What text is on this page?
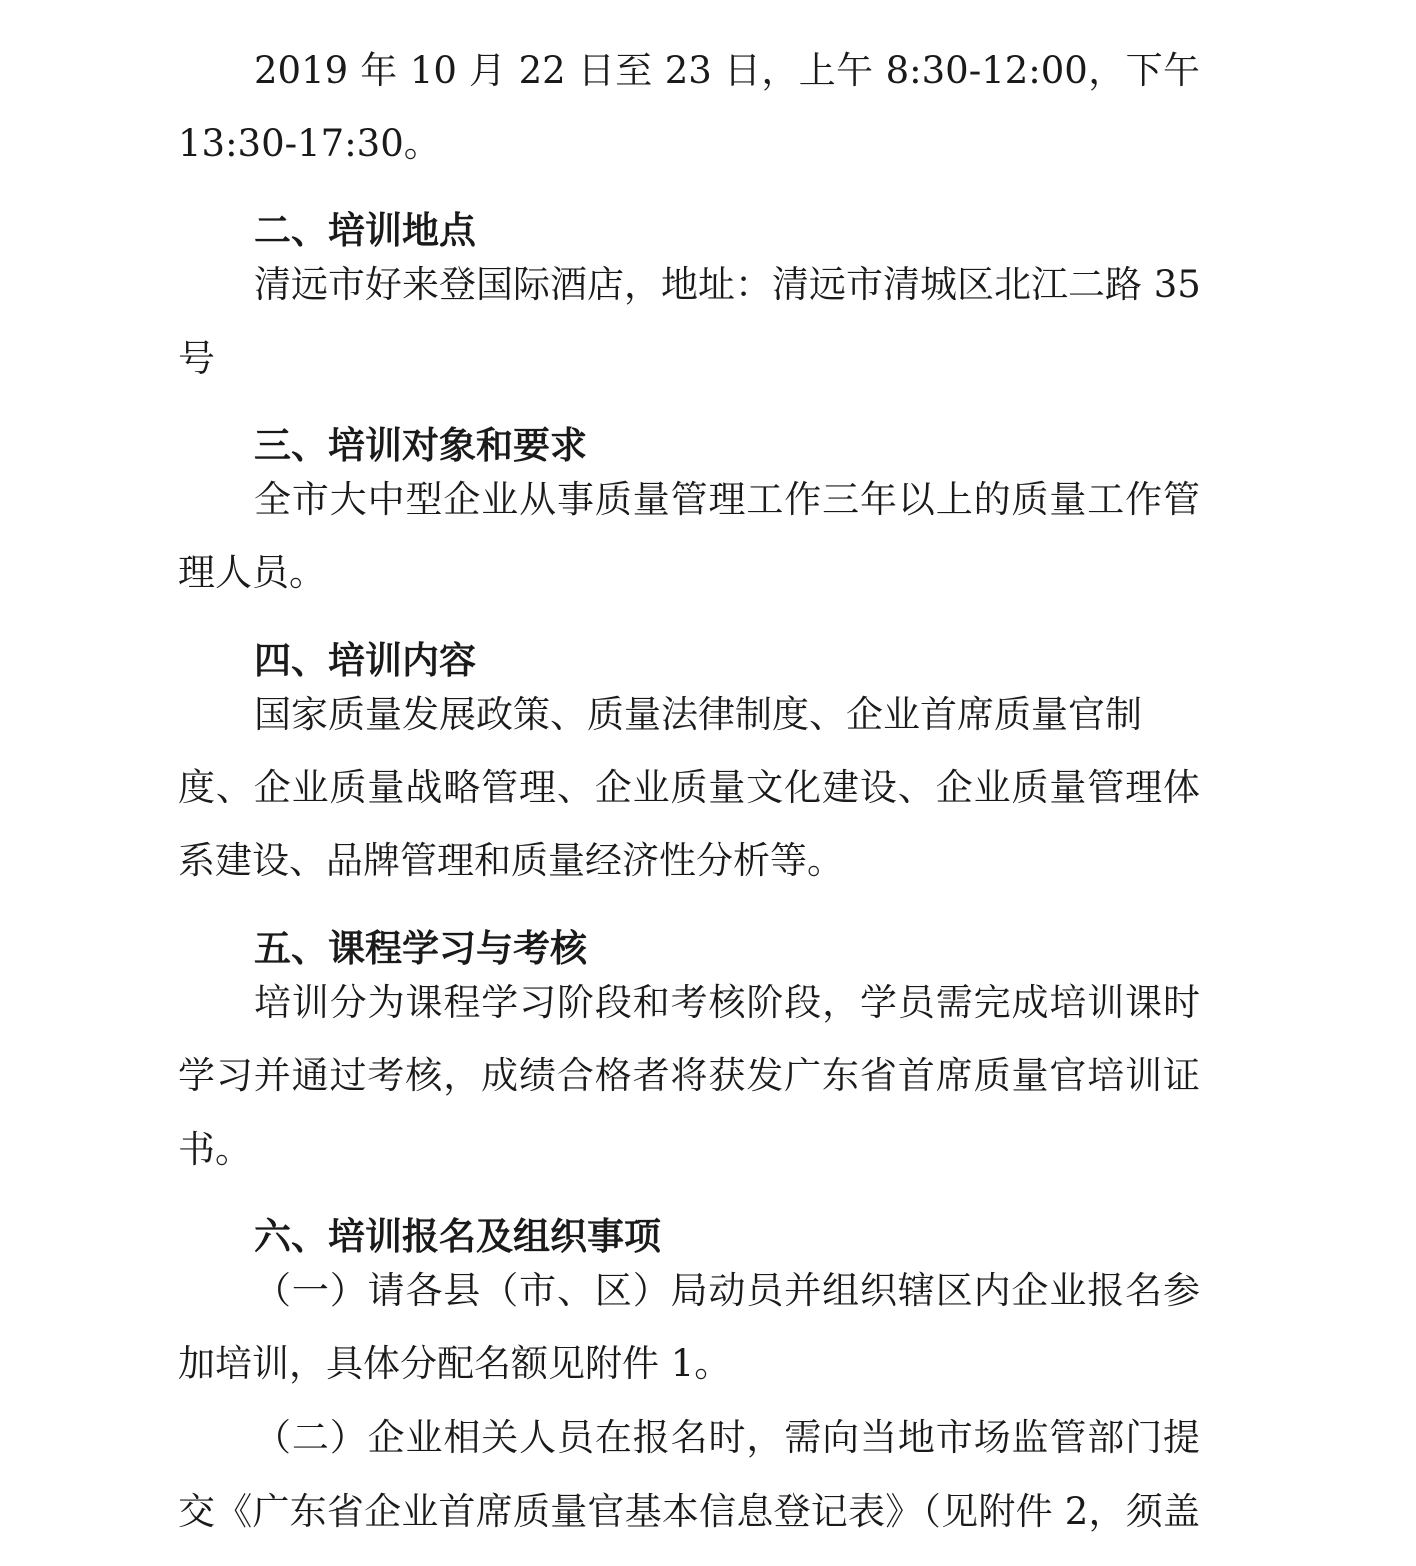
2019 年 10 月 22 日至 23 日，上午 8:30-12:00，下午
13:30-17:30。
二、培训地点
清远市好来登国际酒店，地址：清远市清城区北江二路 35
号
三、培训对象和要求
全市大中型企业从事质量管理工作三年以上的质量工作管
理人员。
四、培训内容
国家质量发展政策、质量法律制度、企业首席质量官制
度、企业质量战略管理、企业质量文化建设、企业质量管理体
系建设、品牌管理和质量经济性分析等。
五、课程学习与考核
培训分为课程学习阶段和考核阶段，学员需完成培训课时
学习并通过考核，成绩合格者将获发广东省首席质量官培训证
书。
六、培训报名及组织事项
（一）请各县（市、区）局动员并组织辖区内企业报名参
加培训，具体分配名额见附件 1。
（二）企业相关人员在报名时，需向当地市场监管部门提
交《广东省企业首席质量官基本信息登记表》（见附件 2，须盖
